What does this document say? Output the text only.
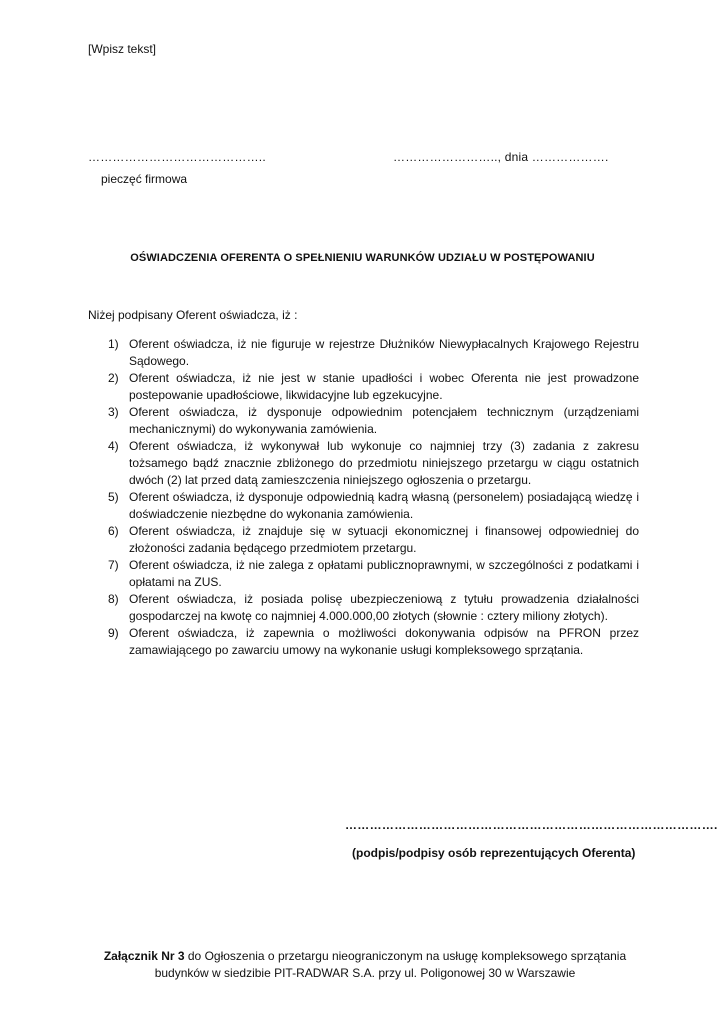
[Wpisz tekst]
……………………………………..	…………………….., dnia ……………….
pieczęć firmowa
OŚWIADCZENIA OFERENTA O SPEŁNIENIU WARUNKÓW UDZIAŁU W POSTĘPOWANIU
Niżej podpisany Oferent oświadcza, iż :
1) Oferent oświadcza, iż nie figuruje w rejestrze Dłużników Niewypłacalnych Krajowego Rejestru Sądowego.
2) Oferent oświadcza, iż nie jest w stanie upadłości i wobec Oferenta nie jest prowadzone postepowanie upadłościowe, likwidacyjne lub egzekucyjne.
3) Oferent oświadcza, iż dysponuje odpowiednim potencjałem technicznym (urządzeniami mechanicznymi) do wykonywania zamówienia.
4) Oferent oświadcza, iż wykonywał lub wykonuje co najmniej trzy (3) zadania z zakresu tożsamego bądź znacznie zbliżonego do przedmiotu niniejszego przetargu w ciągu ostatnich dwóch (2) lat przed datą zamieszczenia niniejszego ogłoszenia o przetargu.
5) Oferent oświadcza, iż dysponuje odpowiednią kadrą własną (personelem) posiadającą wiedzę i doświadczenie niezbędne do wykonania zamówienia.
6) Oferent oświadcza, iż znajduje się w sytuacji ekonomicznej i finansowej odpowiedniej do złożoności zadania będącego przedmiotem przetargu.
7) Oferent oświadcza, iż nie zalega z opłatami publicznoprawnymi, w szczególności z podatkami i opłatami na ZUS.
8) Oferent oświadcza, iż posiada polisę ubezpieczeniową z tytułu prowadzenia działalności gospodarczej na kwotę co najmniej 4.000.000,00 złotych (słownie : cztery miliony złotych).
9) Oferent oświadcza, iż zapewnia o możliwości dokonywania odpisów na PFRON przez zamawiającego po zawarciu umowy na wykonanie usługi kompleksowego sprzątania.
……………………………………………………………………………….
(podpis/podpisy osób reprezentujących Oferenta)
Załącznik Nr 3 do Ogłoszenia o przetargu nieograniczonym na usługę kompleksowego sprzątania
budynków w siedzibie PIT-RADWAR S.A. przy ul. Poligonowej 30 w Warszawie
